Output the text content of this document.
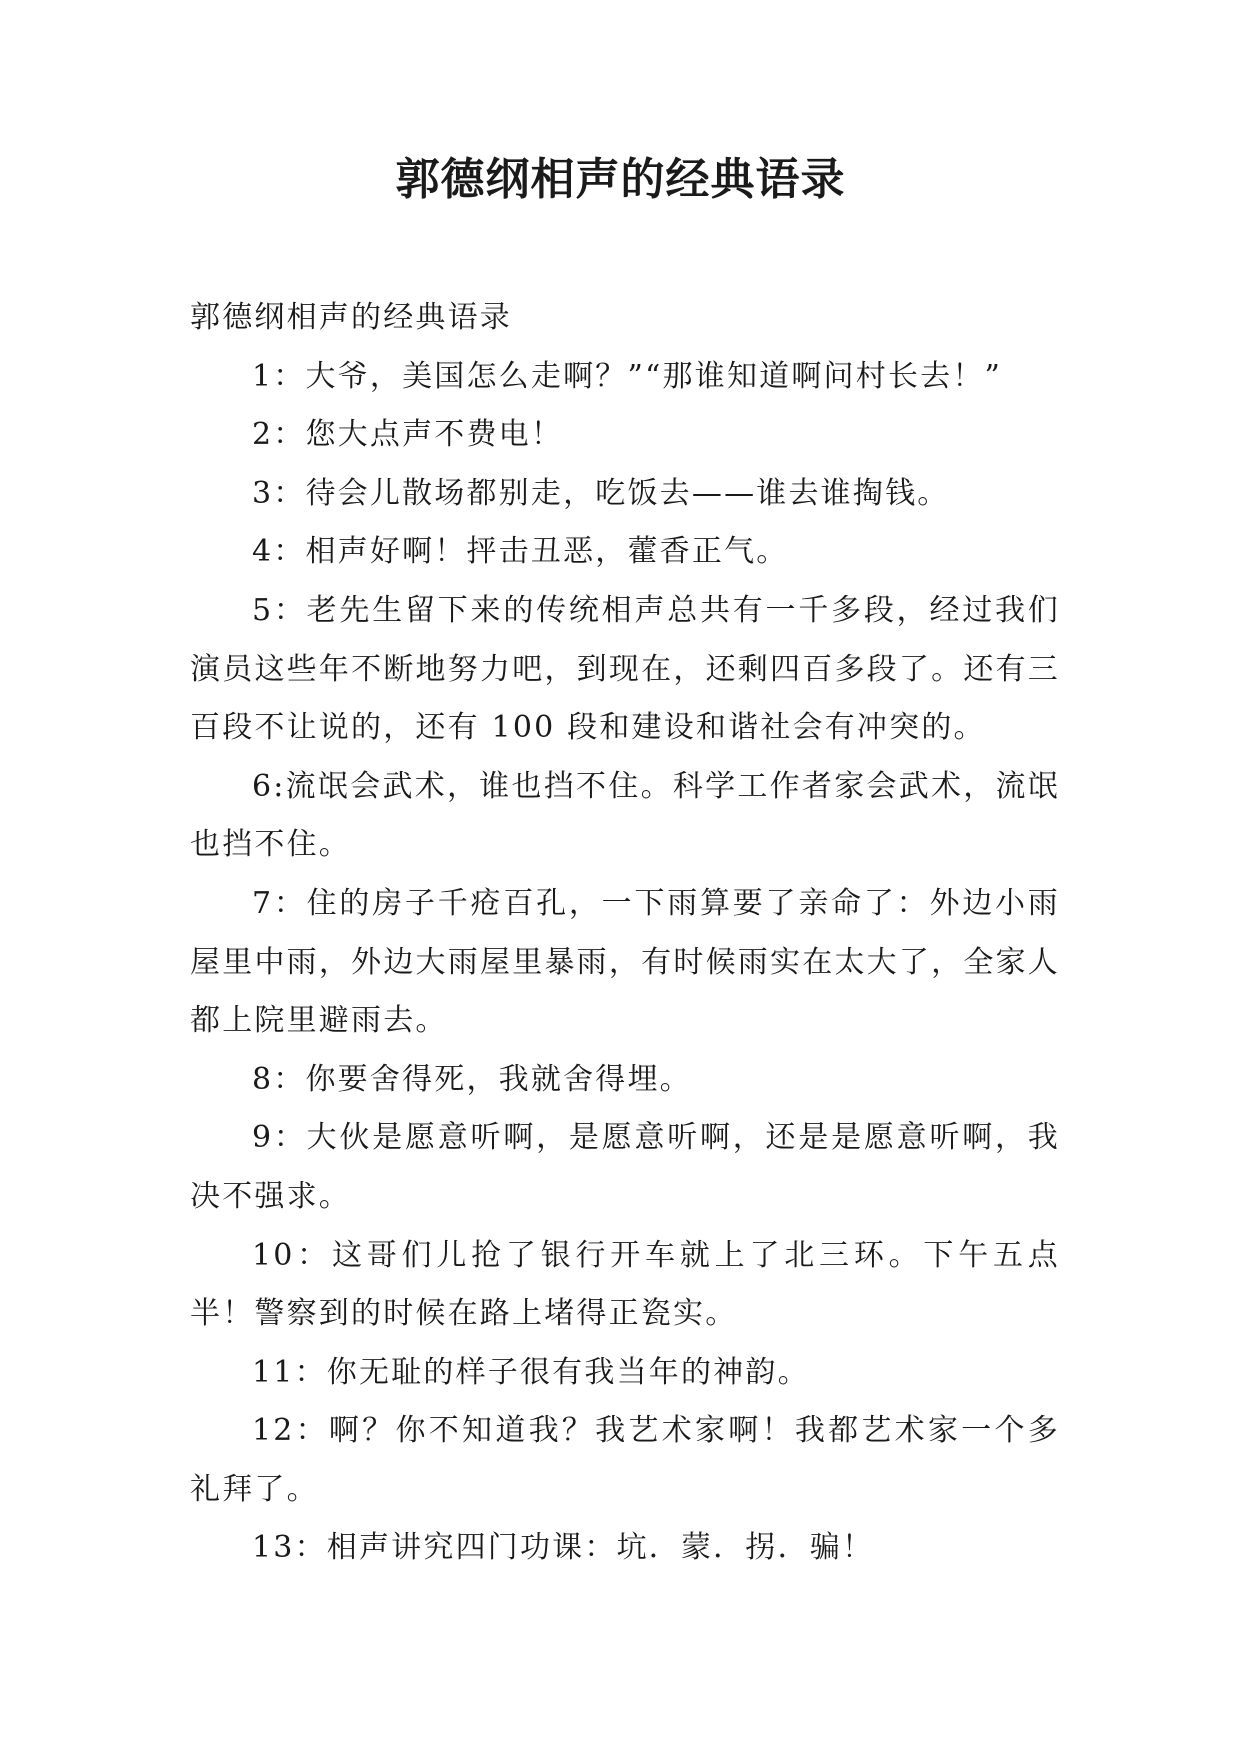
郭德纲相声的经典语录

郭德纲相声的经典语录

1：大爷，美国怎么走啊？”“那谁知道啊问村长去！”

2：您大点声不费电！

3：待会儿散场都别走，吃饭去——谁去谁掏钱。

4：相声好啊！抨击丑恶，藿香正气。

5：老先生留下来的传统相声总共有一千多段，经过我们演员这些年不断地努力吧，到现在，还剩四百多段了。还有三百段不让说的，还有 100 段和建设和谐社会有冲突的。

6:流氓会武术，谁也挡不住。科学工作者家会武术，流氓也挡不住。

7：住的房子千疮百孔，一下雨算要了亲命了：外边小雨屋里中雨，外边大雨屋里暴雨，有时候雨实在太大了，全家人都上院里避雨去。

8：你要舍得死，我就舍得埋。

9：大伙是愿意听啊，是愿意听啊，还是是愿意听啊，我决不强求。

10：这哥们儿抢了银行开车就上了北三环。下午五点半！警察到的时候在路上堵得正瓷实。

11：你无耻的样子很有我当年的神韵。

12：啊？你不知道我？我艺术家啊！我都艺术家一个多礼拜了。

13：相声讲究四门功课：坑．蒙．拐．骗！
